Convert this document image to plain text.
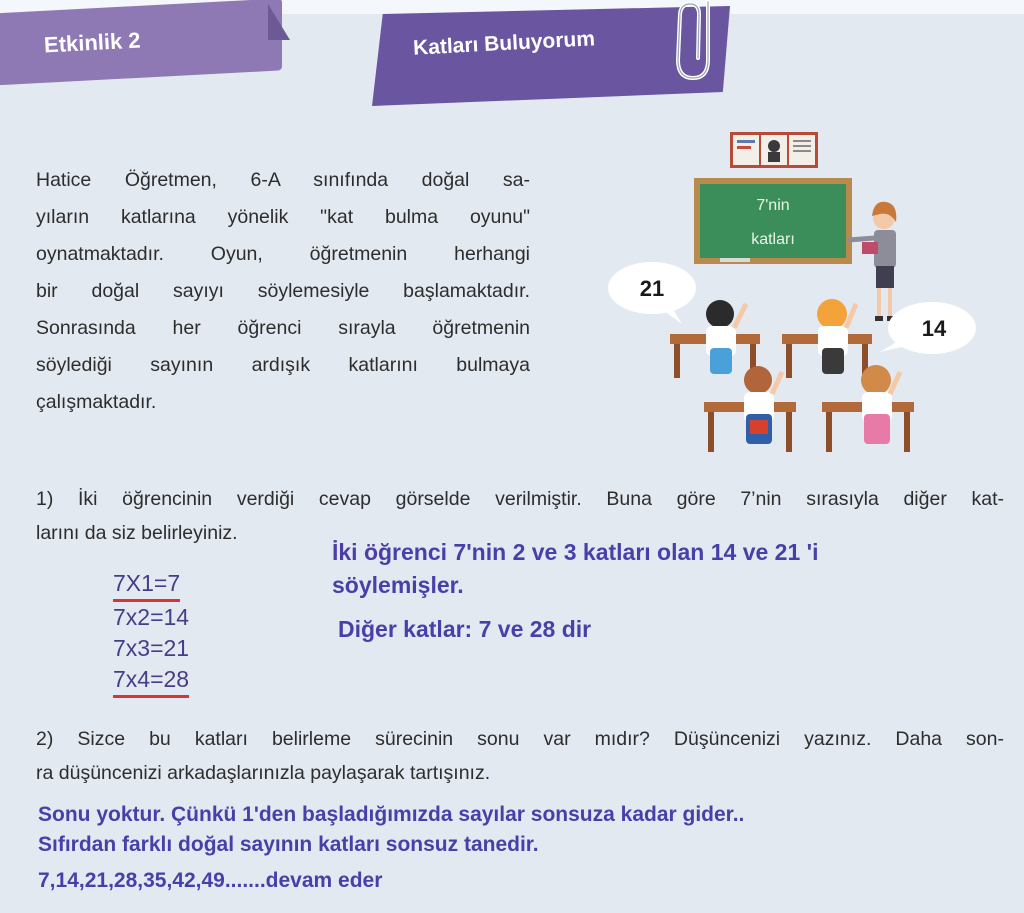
Etkinlik 2	Katları Buluyorum
Hatice Öğretmen, 6-A sınıfında doğal sa-
yıların katlarına yönelik "kat bulma oyunu"
oynatmaktadır. Oyun, öğretmenin herhangi
bir doğal sayıyı söylemesiyle başlamaktadır.
Sonrasında her öğrenci sırayla öğretmenin
söylediği sayının ardışık katlarını bulmaya
çalışmaktadır.
7'nin
katları
21
14
1) İki öğrencinin verdiği cevap görselde verilmiştir. Buna göre 7’nin sırasıyla diğer kat-
larını da siz belirleyiniz.
7X1=7
7x2=14
7x3=21
7x4=28
İki öğrenci 7'nin 2 ve 3 katları olan 14 ve 21 'i
söylemişler.
Diğer katlar: 7 ve 28 dir
2) Sizce bu katları belirleme sürecinin sonu var mıdır? Düşüncenizi yazınız. Daha son-
ra düşüncenizi arkadaşlarınızla paylaşarak tartışınız.
Sonu yoktur. Çünkü 1'den başladığımızda sayılar sonsuza kadar gider..
Sıfırdan farklı doğal sayının katları sonsuz tanedir.
7,14,21,28,35,42,49.......devam eder
